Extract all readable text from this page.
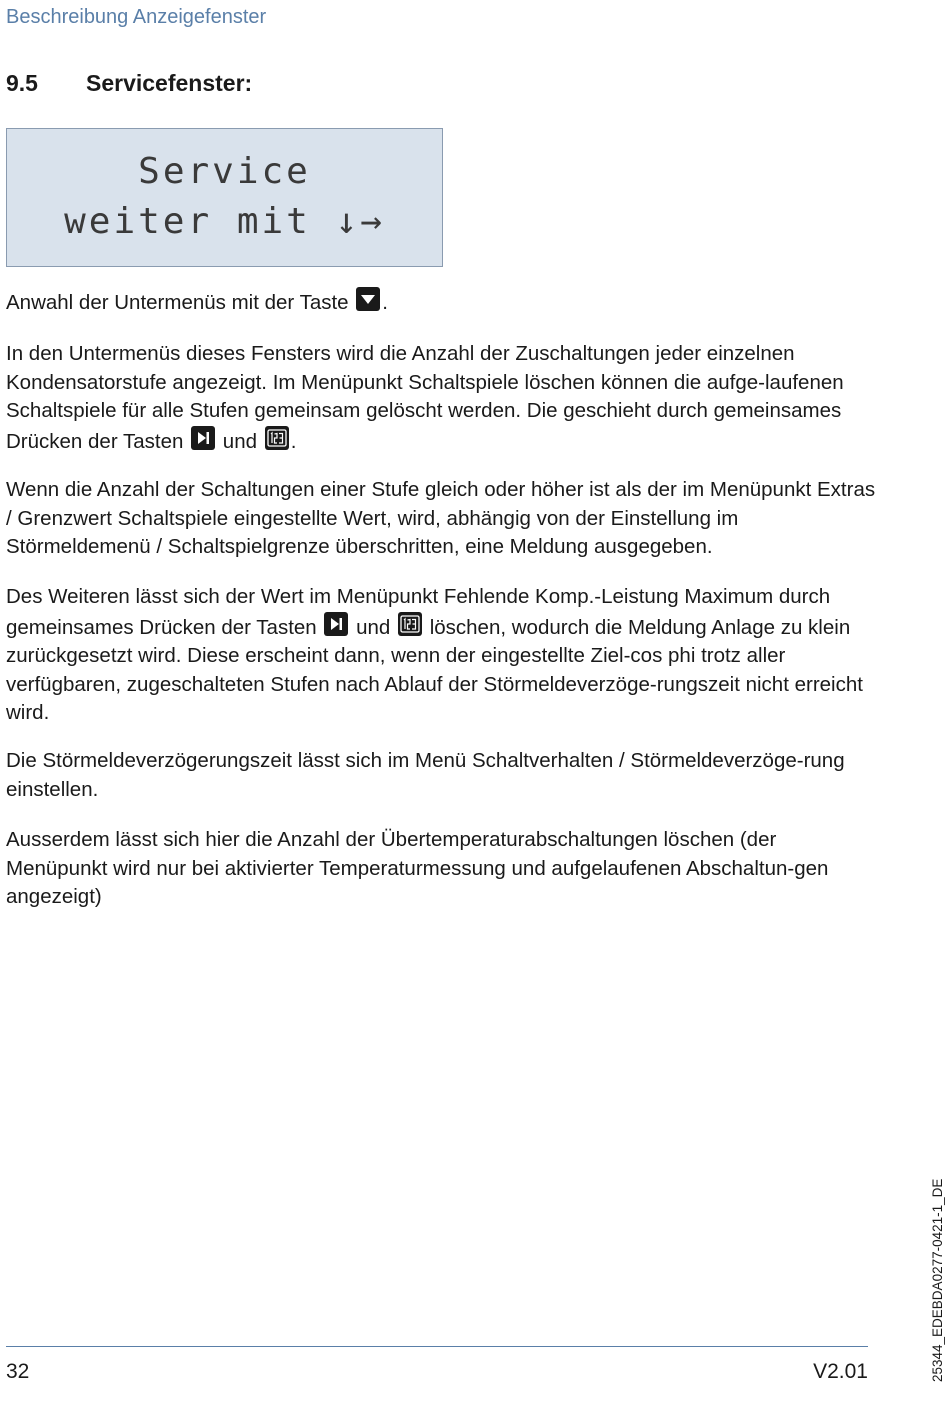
Beschreibung Anzeigefenster
9.5 Servicefenster:
Service
weiter mit ↓→
Anwahl der Untermenüs mit der Taste
.
In den Untermenüs dieses Fensters wird die Anzahl der Zuschaltungen jeder einzelnen Kondensatorstufe angezeigt. Im Menüpunkt Schaltspiele löschen können die aufge-laufenen Schaltspiele für alle Stufen gemeinsam gelöscht werden. Die geschieht durch gemeinsames Drücken der Tasten
und
.
Wenn die Anzahl der Schaltungen einer Stufe gleich oder höher ist als der im Menüpunkt Extras / Grenzwert Schaltspiele eingestellte Wert, wird, abhängig von der Einstellung im Störmeldemenü / Schaltspielgrenze überschritten, eine Meldung ausgegeben.
Des Weiteren lässt sich der Wert im Menüpunkt Fehlende Komp.-Leistung Maximum durch gemeinsames Drücken der Tasten
und
löschen, wodurch die Meldung Anlage zu klein zurückgesetzt wird. Diese erscheint dann, wenn der eingestellte Ziel-cos phi trotz aller verfügbaren, zugeschalteten Stufen nach Ablauf der Störmeldeverzöge-rungszeit nicht erreicht wird.
Die Störmeldeverzögerungszeit lässt sich im Menü Schaltverhalten / Störmeldeverzöge-rung einstellen.
Ausserdem lässt sich hier die Anzahl der Übertemperaturabschaltungen löschen (der Menüpunkt wird nur bei aktivierter Temperaturmessung und aufgelaufenen Abschaltun-gen angezeigt)
32	V2.01	25344_EDEBDA0277-0421-1_DE
